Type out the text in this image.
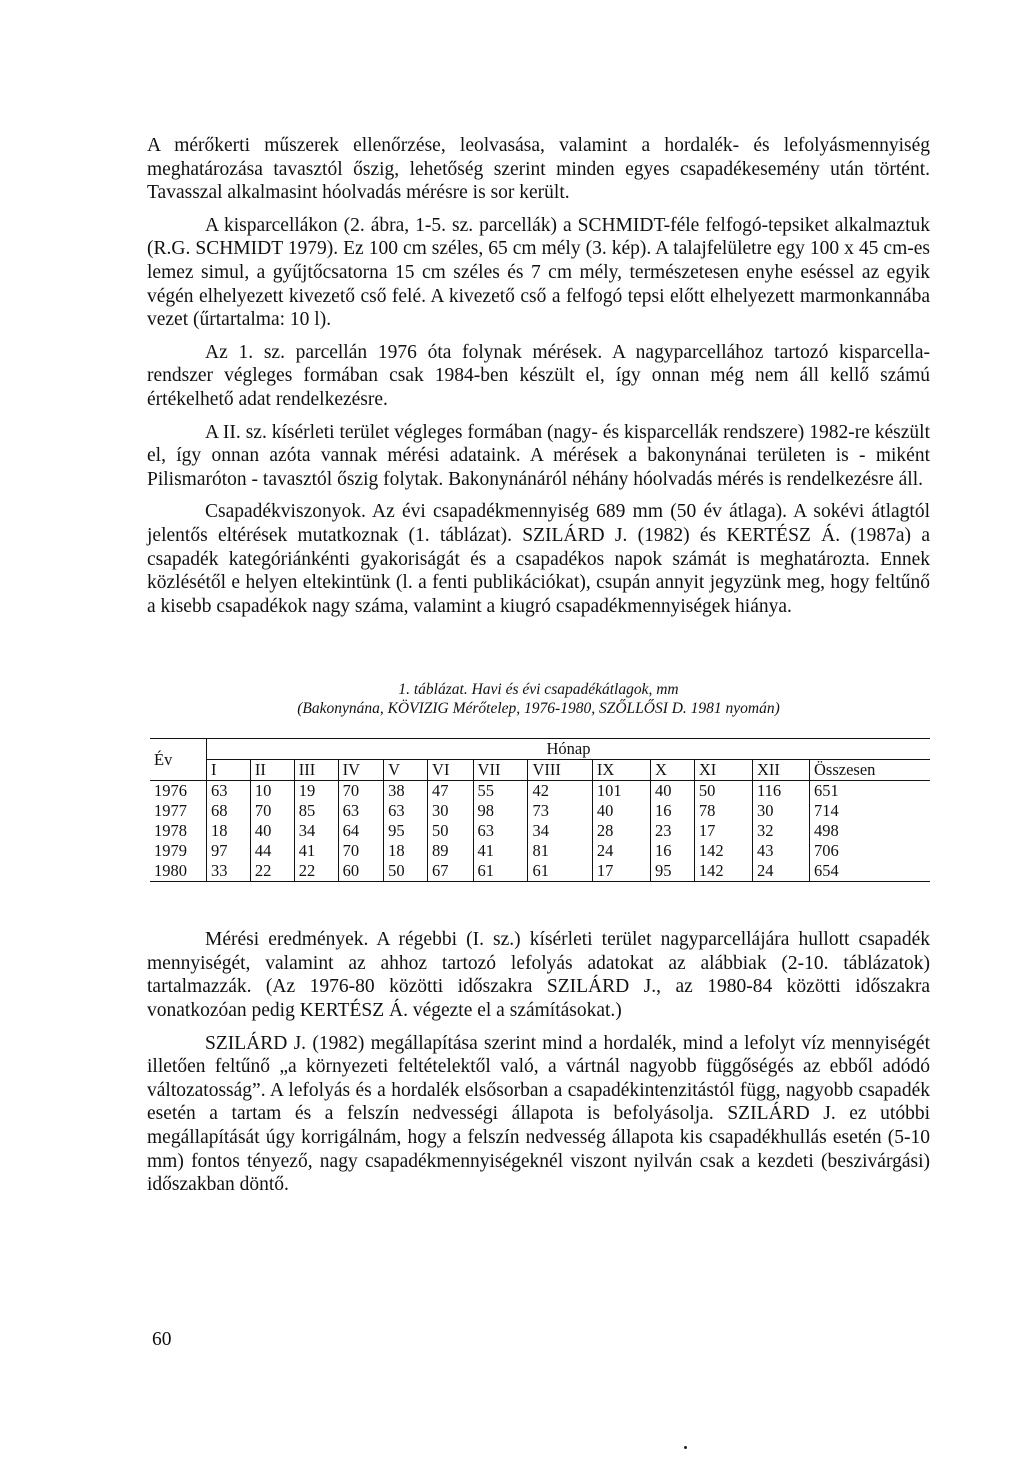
A mérőkerti műszerek ellenőrzése, leolvasása, valamint a hordalék- és lefolyásmennyiség meghatározása tavasztól őszig, lehetőség szerint minden egyes csapadékesemény után történt. Tavasszal alkalmasint hóolvadás mérésre is sor került.

A kisparcellákon (2. ábra, 1-5. sz. parcellák) a SCHMIDT-féle felfogó-tepsiket alkalmaztuk (R.G. SCHMIDT 1979). Ez 100 cm széles, 65 cm mély (3. kép). A talajfelületre egy 100 x 45 cm-es lemez simul, a gyűjtőcsatorna 15 cm széles és 7 cm mély, természetesen enyhe eséssel az egyik végén elhelyezett kivezető cső felé. A kivezető cső a felfogó tepsi előtt elhelyezett marmonkannába vezet (űrtartalma: 10 l).

Az 1. sz. parcellán 1976 óta folynak mérések. A nagyparcellához tartozó kisparcella-rendszer végleges formában csak 1984-ben készült el, így onnan még nem áll kellő számú értékelhető adat rendelkezésre.

A II. sz. kísérleti terület végleges formában (nagy- és kisparcellák rendszere) 1982-re készült el, így onnan azóta vannak mérési adataink. A mérések a bakonynánai területen is - miként Pilismaróton - tavasztól őszig folytak. Bakonynánáról néhány hóolvadás mérés is rendelkezésre áll.

Csapadékviszonyok. Az évi csapadékmennyiség 689 mm (50 év átlaga). A sokévi átlagtól jelentős eltérések mutatkoznak (1. táblázat). SZILÁRD J. (1982) és KERTÉSZ Á. (1987a) a csapadék kategóriánkénti gyakoriságát és a csapadékos napok számát is meghatározta. Ennek közlésétől e helyen eltekintünk (l. a fenti publikációkat), csupán annyit jegyzünk meg, hogy feltűnő a kisebb csapadékok nagy száma, valamint a kiugró csapadékmennyiségek hiánya.

1. táblázat. Havi és évi csapadékátlagok, mm
(Bakonynána, KÖVIZIG Mérőtelep, 1976-1980, SZŐLLŐSI D. 1981 nyomán)
Év	Hónap												
	I	II	III	IV	V	VI	VII	VIII	IX	X	XI	XII	Összesen
1976	63	10	19	70	38	47	55	42	101	40	50	116	651
1977	68	70	85	63	63	30	98	73	40	16	78	30	714
1978	18	40	34	64	95	50	63	34	28	23	17	32	498
1979	97	44	41	70	18	89	41	81	24	16	142	43	706
1980	33	22	22	60	50	67	61	61	17	95	142	24	654

Mérési eredmények. A régebbi (I. sz.) kísérleti terület nagyparcellájára hullott csapadék mennyiségét, valamint az ahhoz tartozó lefolyás adatokat az alábbiak (2-10. táblázatok) tartalmazzák. (Az 1976-80 közötti időszakra SZILÁRD J., az 1980-84 közötti időszakra vonatkozóan pedig KERTÉSZ Á. végezte el a számításokat.)

SZILÁRD J. (1982) megállapítása szerint mind a hordalék, mind a lefolyt víz mennyiségét illetően feltűnő „a környezeti feltételektől való, a vártnál nagyobb függőségés az ebből adódó változatosság”. A lefolyás és a hordalék elsősorban a csapadékintenzitástól függ, nagyobb csapadék esetén a tartam és a felszín nedvességi állapota is befolyásolja. SZILÁRD J. ez utóbbi megállapítását úgy korrigálnám, hogy a felszín nedvesség állapota kis csapadékhullás esetén (5-10 mm) fontos tényező, nagy csapadékmennyiségeknél viszont nyilván csak a kezdeti (beszivárgási) időszakban döntő.

60
